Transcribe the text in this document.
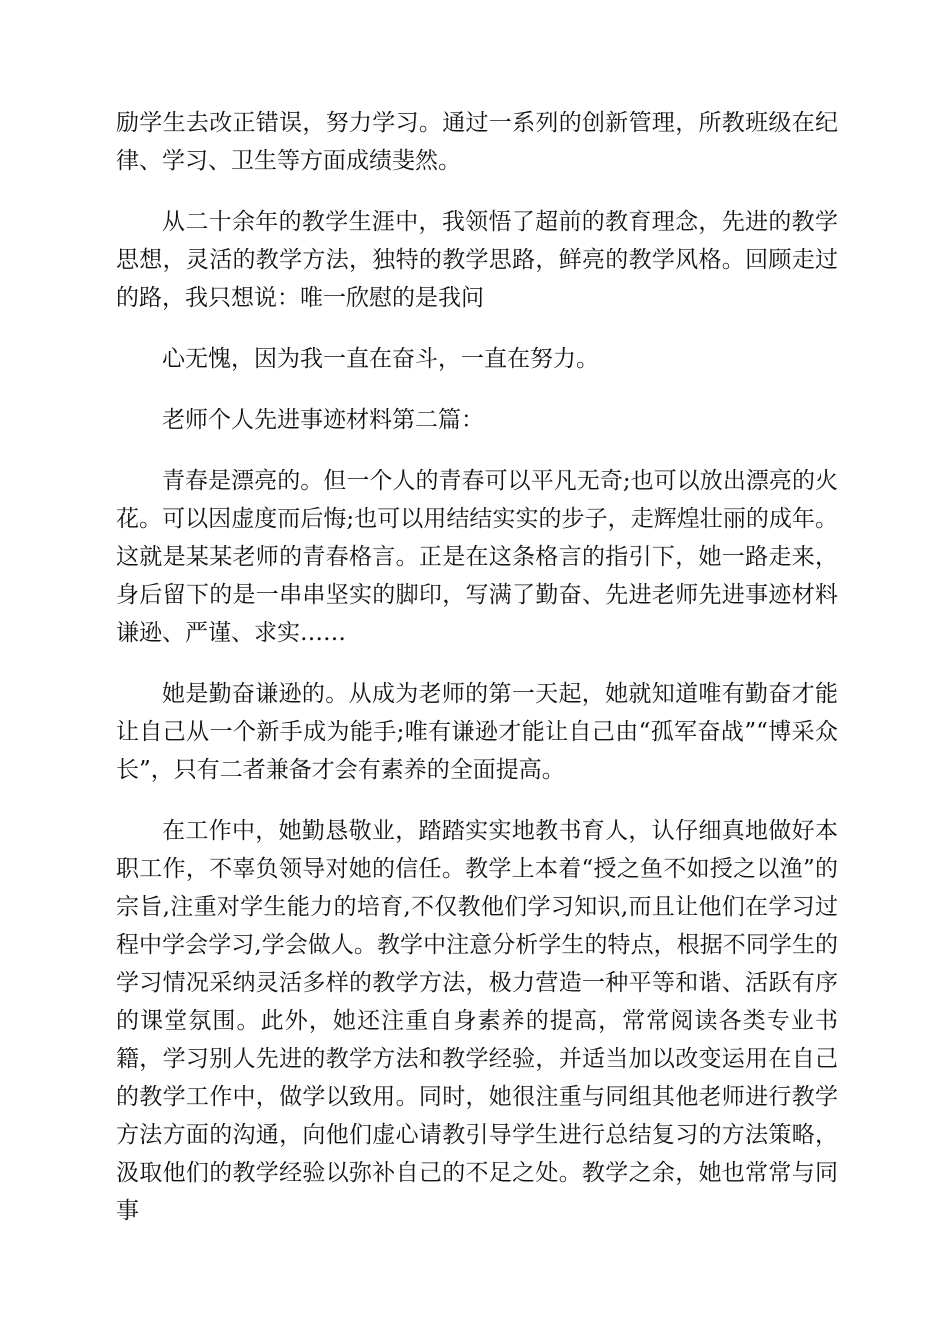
励学生去改正错误，努力学习。通过一系列的创新管理，所教班级在纪律、学习、卫生等方面成绩斐然。

从二十余年的教学生涯中，我领悟了超前的教育理念，先进的教学思想，灵活的教学方法，独特的教学思路，鲜亮的教学风格。回顾走过的路，我只想说：唯一欣慰的是我问

心无愧，因为我一直在奋斗，一直在努力。

老师个人先进事迹材料第二篇：

青春是漂亮的。但一个人的青春可以平凡无奇;也可以放出漂亮的火花。可以因虚度而后悔;也可以用结结实实的步子，走辉煌壮丽的成年。这就是某某老师的青春格言。正是在这条格言的指引下，她一路走来，身后留下的是一串串坚实的脚印，写满了勤奋、先进老师先进事迹材料谦逊、严谨、求实……

她是勤奋谦逊的。从成为老师的第一天起，她就知道唯有勤奋才能让自己从一个新手成为能手;唯有谦逊才能让自己由“孤军奋战”“博采众长”，只有二者兼备才会有素养的全面提高。

在工作中，她勤恳敬业，踏踏实实地教书育人，认仔细真地做好本职工作，不辜负领导对她的信任。教学上本着“授之鱼不如授之以渔”的宗旨,注重对学生能力的培育,不仅教他们学习知识,而且让他们在学习过程中学会学习,学会做人。教学中注意分析学生的特点，根据不同学生的学习情况采纳灵活多样的教学方法，极力营造一种平等和谐、活跃有序的课堂氛围。此外，她还注重自身素养的提高，常常阅读各类专业书籍，学习别人先进的教学方法和教学经验，并适当加以改变运用在自己的教学工作中，做学以致用。同时，她很注重与同组其他老师进行教学方法方面的沟通，向他们虚心请教引导学生进行总结复习的方法策略，汲取他们的教学经验以弥补自己的不足之处。教学之余，她也常常与同事
